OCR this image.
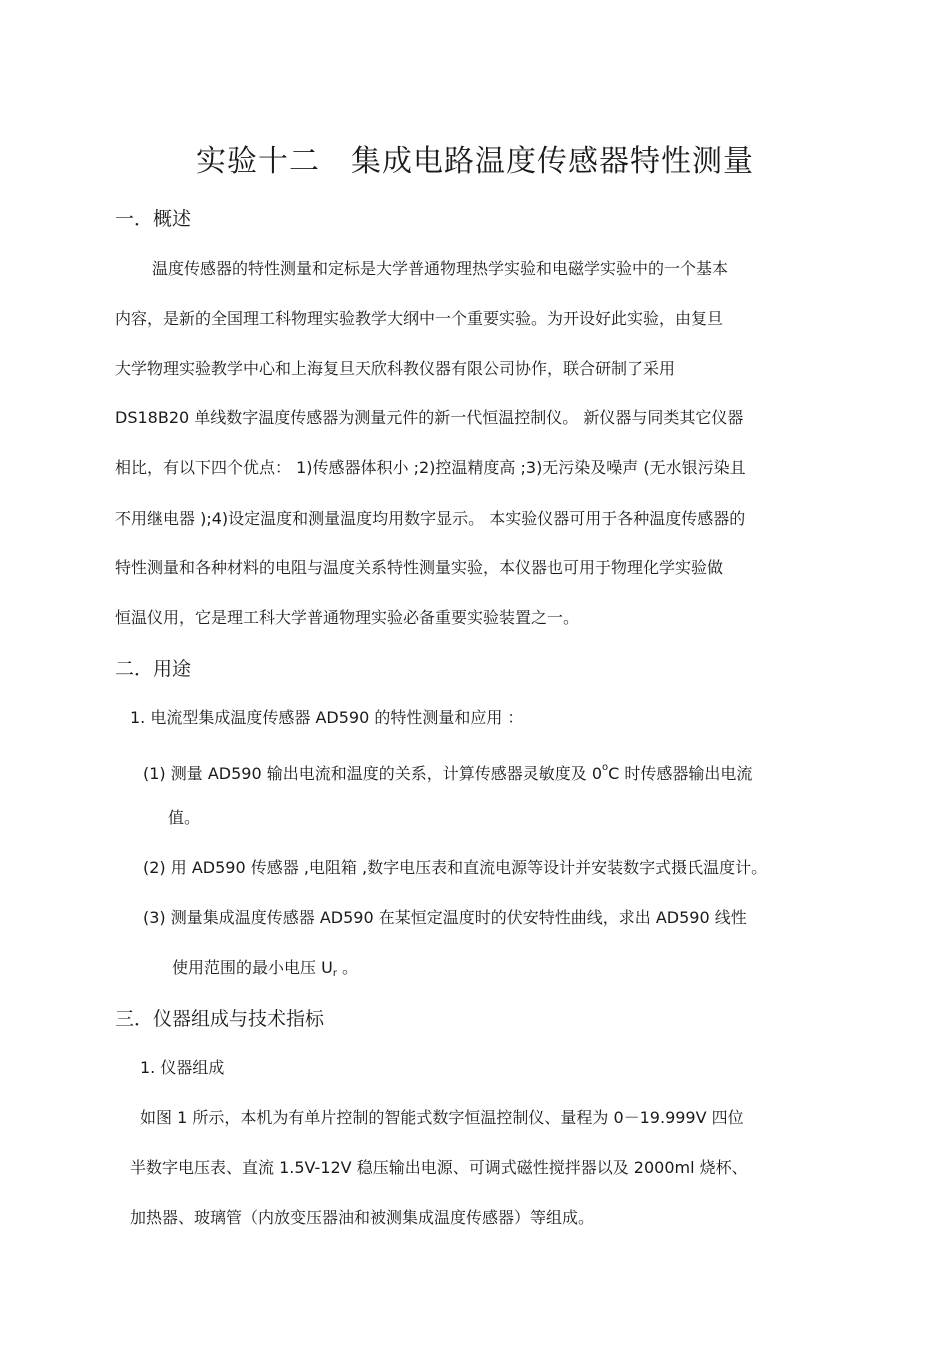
实验十二　集成电路温度传感器特性测量
一．概述
温度传感器的特性测量和定标是大学普通物理热学实验和电磁学实验中的一个基本
内容，是新的全国理工科物理实验教学大纲中一个重要实验。为开设好此实验，由复旦
大学物理实验教学中心和上海复旦天欣科教仪器有限公司协作，联合研制了采用
DS18B20 单线数字温度传感器为测量元件的新一代恒温控制仪。 新仪器与同类其它仪器
相比，有以下四个优点： 1)传感器体积小 ;2)控温精度高 ;3)无污染及噪声 (无水银污染且
不用继电器 );4)设定温度和测量温度均用数字显示。 本实验仪器可用于各种温度传感器的
特性测量和各种材料的电阻与温度关系特性测量实验，本仪器也可用于物理化学实验做
恒温仪用，它是理工科大学普通物理实验必备重要实验装置之一。
二．用途
1. 电流型集成温度传感器 AD590 的特性测量和应用 ：
(1) 测量 AD590 输出电流和温度的关系，计算传感器灵敏度及 0$^o$C 时传感器输出电流
值。
(2) 用 AD590 传感器 ,电阻箱 ,数字电压表和直流电源等设计并安装数字式摄氏温度计。
(3) 测量集成温度传感器 AD590 在某恒定温度时的伏安特性曲线，求出 AD590 线性
使用范围的最小电压 $U_r$ 。
三．仪器组成与技术指标
1. 仪器组成
如图 1 所示，本机为有单片控制的智能式数字恒温控制仪、量程为 0－19.999V 四位
半数字电压表、直流 1.5V-12V 稳压输出电源、可调式磁性搅拌器以及 2000ml 烧杯、
加热器、玻璃管（内放变压器油和被测集成温度传感器）等组成。
